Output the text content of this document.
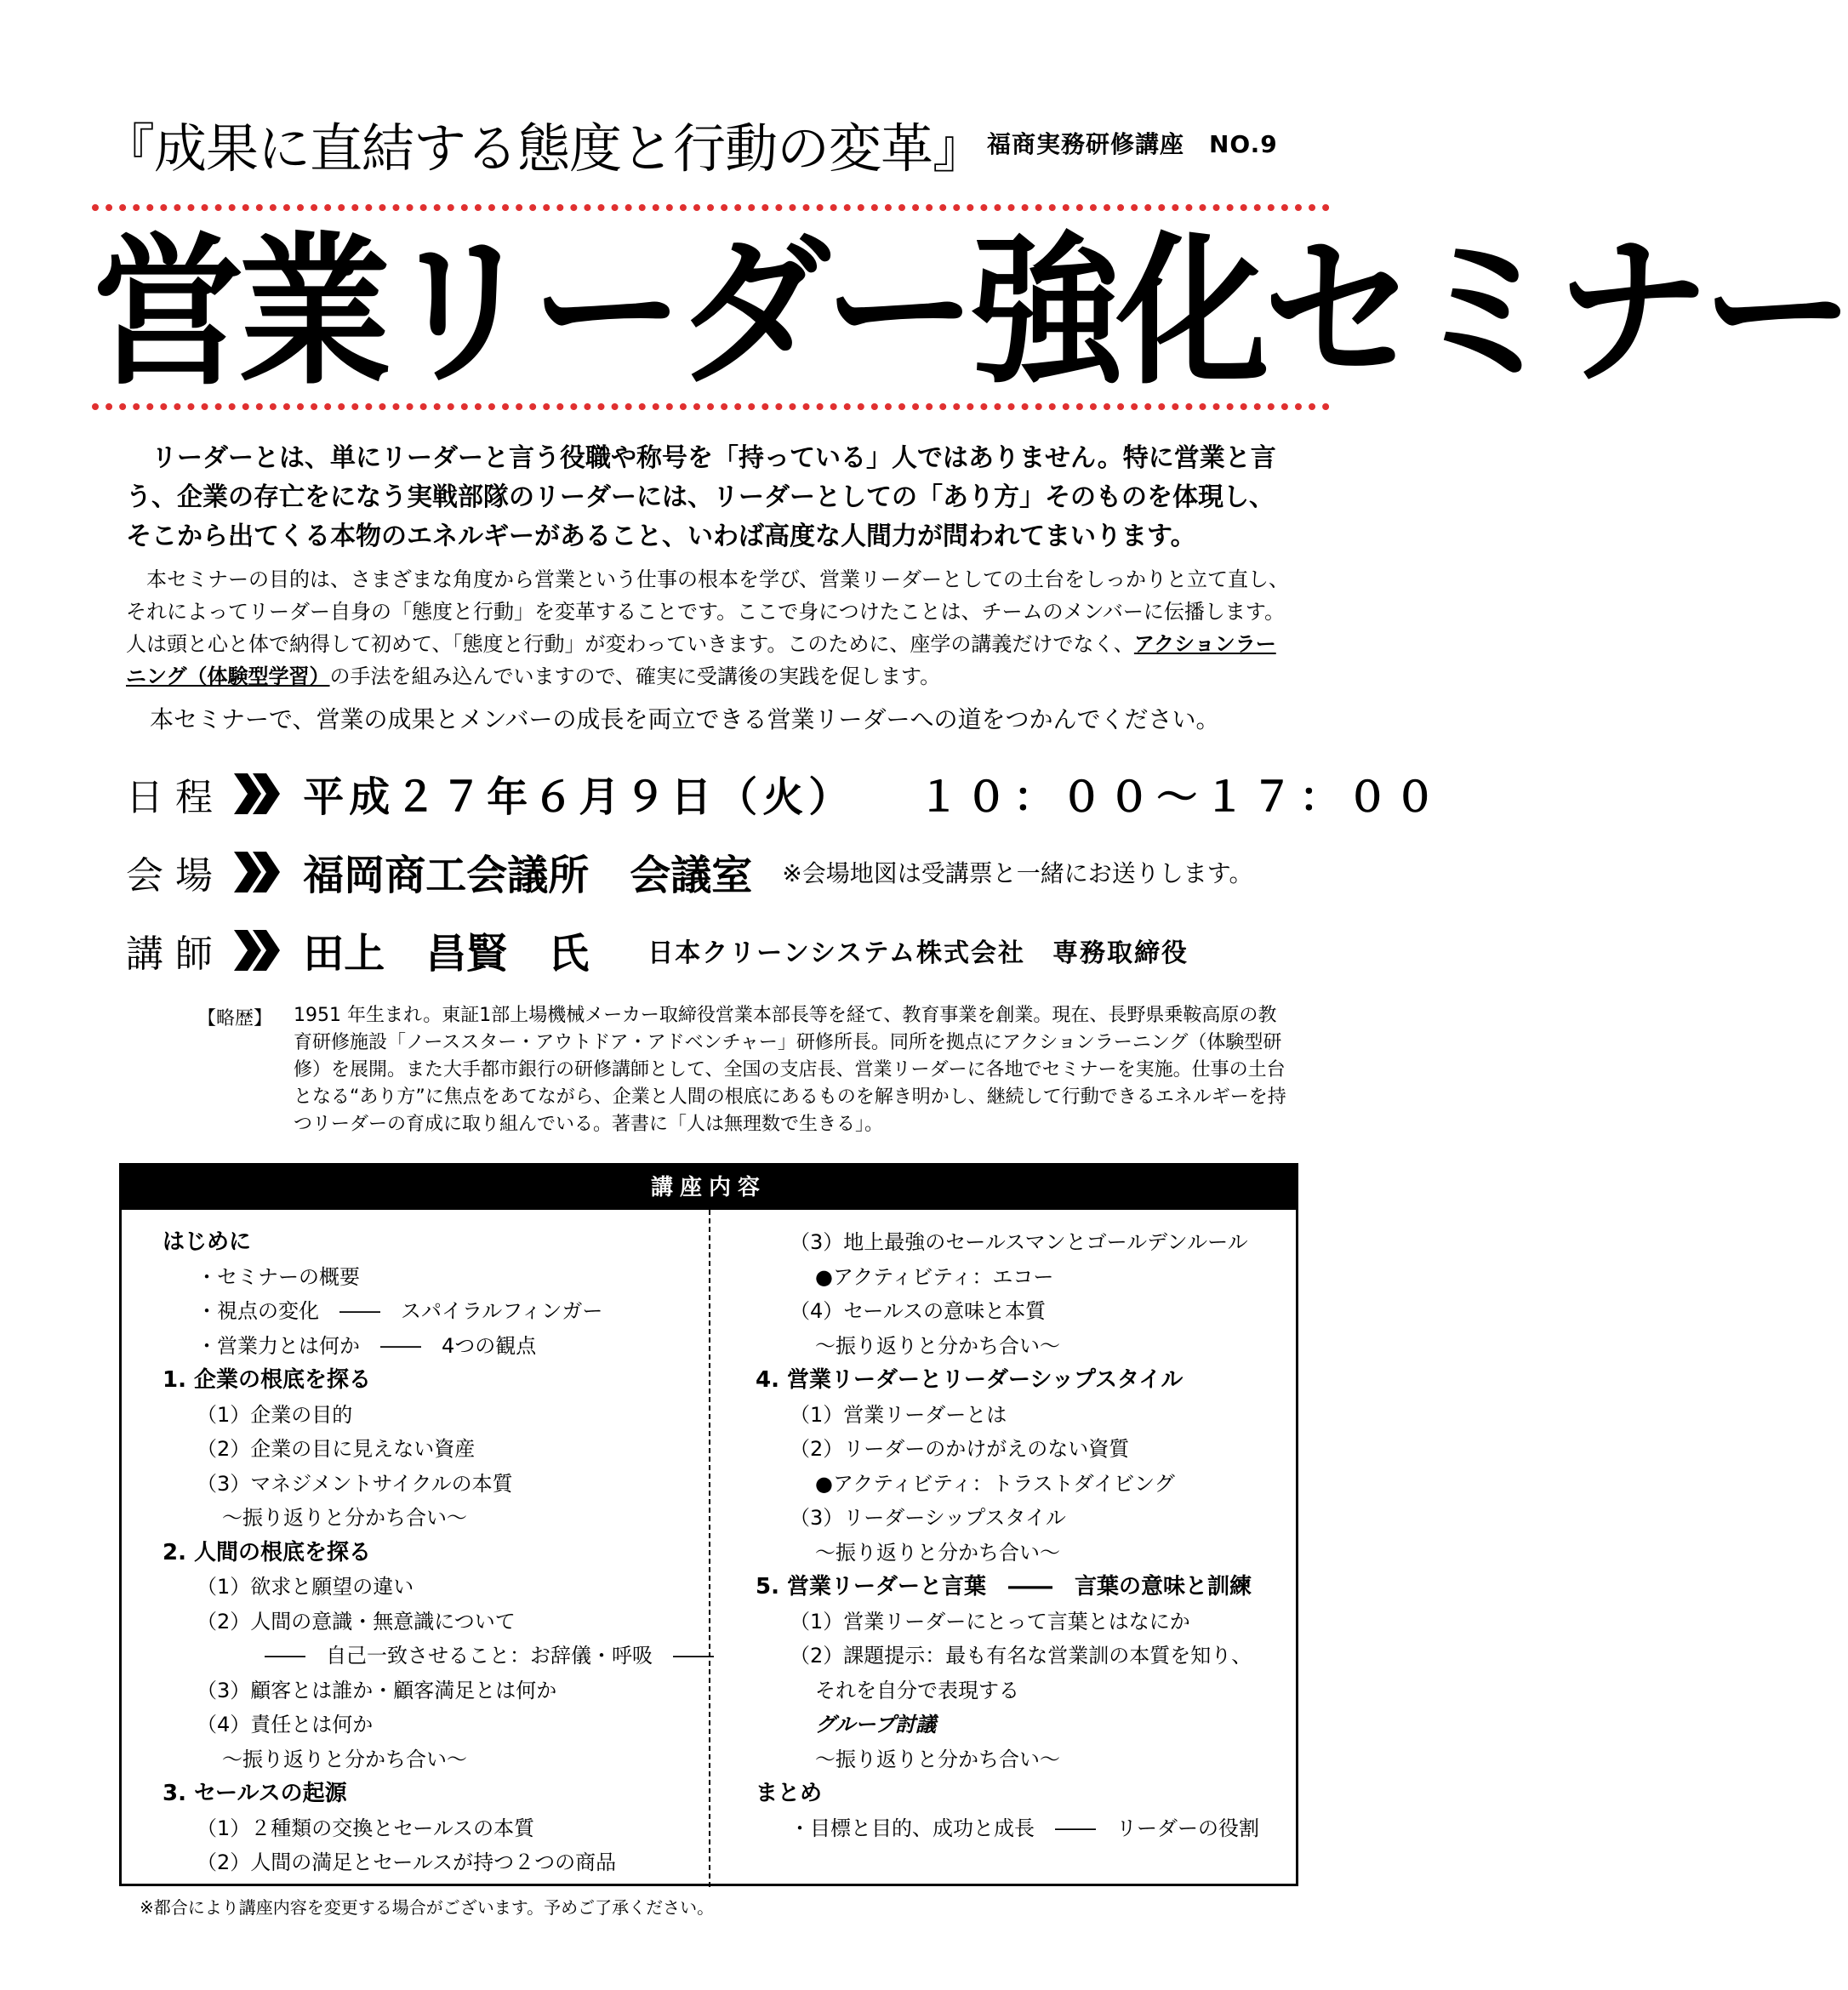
『成果に直結する態度と行動の変革』 福商実務研修講座　NO.9
営業リーダー強化セミナー
リーダーとは、単にリーダーと言う役職や称号を「持っている」人ではありません。特に営業と言う、企業の存亡をになう実戦部隊のリーダーには、リーダーとしての「あり方」そのものを体現し、そこから出てくる本物のエネルギーがあること、いわば高度な人間力が問われてまいります。
本セミナーの目的は、さまざまな角度から営業という仕事の根本を学び、営業リーダーとしての土台をしっかりと立て直し、それによってリーダー自身の「態度と行動」を変革することです。ここで身につけたことは、チームのメンバーに伝播します。人は頭と心と体で納得して初めて、「態度と行動」が変わっていきます。このために、座学の講義だけでなく、アクションラーニング（体験型学習）の手法を組み込んでいますので、確実に受講後の実践を促します。
本セミナーで、営業の成果とメンバーの成長を両立できる営業リーダーへの道をつかんでください。
日程 平成２７年６月９日（火） １０：００～１７：００
会場 福岡商工会議所　会議室 ※会場地図は受講票と一緒にお送りします。
講師 田上　昌賢　氏 日本クリーンシステム株式会社　専務取締役
【略歴】 1951 年生まれ。東証1部上場機械メーカー取締役営業本部長等を経て、教育事業を創業。現在、長野県乗鞍高原の教育研修施設「ノーススター・アウトドア・アドベンチャー」研修所長。同所を拠点にアクションラーニング（体験型研修）を展開。また大手都市銀行の研修講師として、全国の支店長、営業リーダーに各地でセミナーを実施。仕事の土台となる“あり方”に焦点をあてながら、企業と人間の根底にあるものを解き明かし、継続して行動できるエネルギーを持つリーダーの育成に取り組んでいる。著書に「人は無理数で生きる」。
講座内容
はじめに
・セミナーの概要
・視点の変化　――　スパイラルフィンガー
・営業力とは何か　――　4つの観点
1. 企業の根底を探る
（1）企業の目的
（2）企業の目に見えない資産
（3）マネジメントサイクルの本質
～振り返りと分かち合い～
2. 人間の根底を探る
（1）欲求と願望の違い
（2）人間の意識・無意識について
――　自己一致させること：お辞儀・呼吸　――
（3）顧客とは誰か・顧客満足とは何か
（4）責任とは何か
～振り返りと分かち合い～
3. セールスの起源
（1）２種類の交換とセールスの本質
（2）人間の満足とセールスが持つ２つの商品
（3）地上最強のセールスマンとゴールデンルール
●アクティビティ：エコー
（4）セールスの意味と本質
～振り返りと分かち合い～
4. 営業リーダーとリーダーシップスタイル
（1）営業リーダーとは
（2）リーダーのかけがえのない資質
●アクティビティ：トラストダイビング
（3）リーダーシップスタイル
～振り返りと分かち合い～
5. 営業リーダーと言葉　――　言葉の意味と訓練
（1）営業リーダーにとって言葉とはなにか
（2）課題提示：最も有名な営業訓の本質を知り、
それを自分で表現する
グループ討議
～振り返りと分かち合い～
まとめ
・目標と目的、成功と成長　――　リーダーの役割
※都合により講座内容を変更する場合がございます。予めご了承ください。
